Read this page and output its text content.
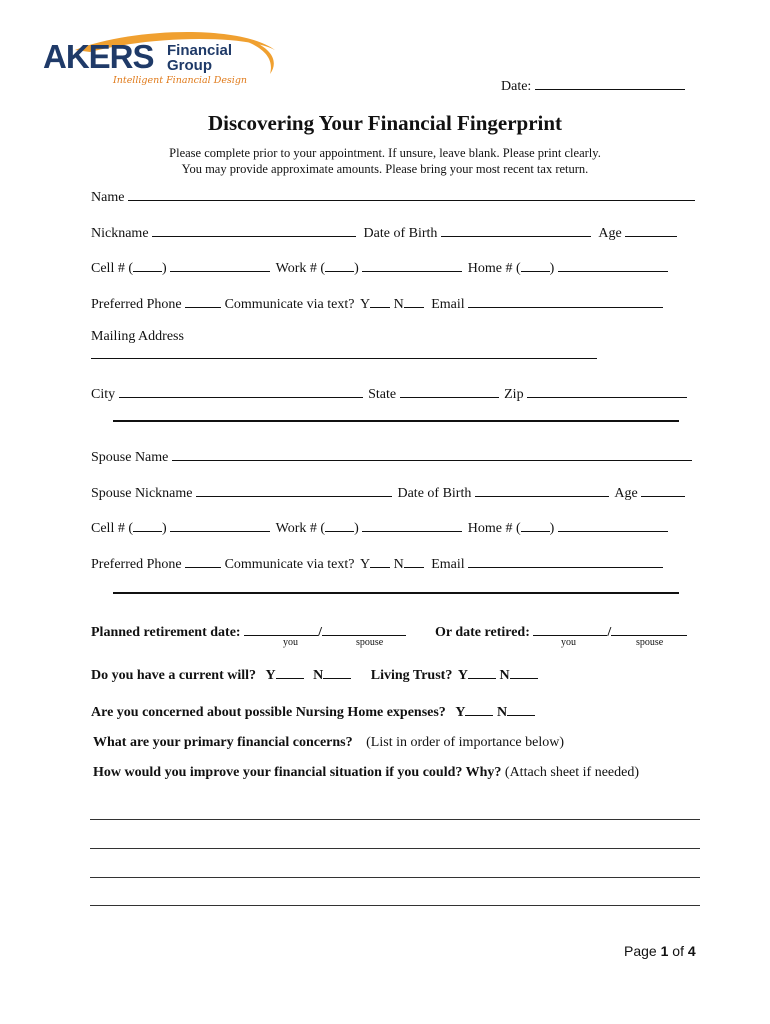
AKERS Financial
Group
Intelligent Financial Design	Date:
Discovering Your Financial Fingerprint
Please complete prior to your appointment. If unsure, leave blank. Please print clearly.
You may provide approximate amounts. Please bring your most recent tax return.
Name
Nickname	Date of Birth	Age
Cell # ( )	Work # ( )	Home # ( )
Preferred Phone	Communicate via text? Y N Email
Mailing Address
City	State	Zip
Spouse Name
Spouse Nickname	Date of Birth	Age
Cell # ( )	Work # ( )	Home # ( )
Preferred Phone	Communicate via text? Y N Email
Planned retirement date:	/
you	spouse
Or date retired:	/
you	spouse
Do you have a current will? Y	N	Living Trust? Y N
Are you concerned about possible Nursing Home expenses? Y N
What are your primary financial concerns? (List in order of importance below)
How would you improve your financial situation if you could? Why? (Attach sheet if needed)
Page 1 of 4
